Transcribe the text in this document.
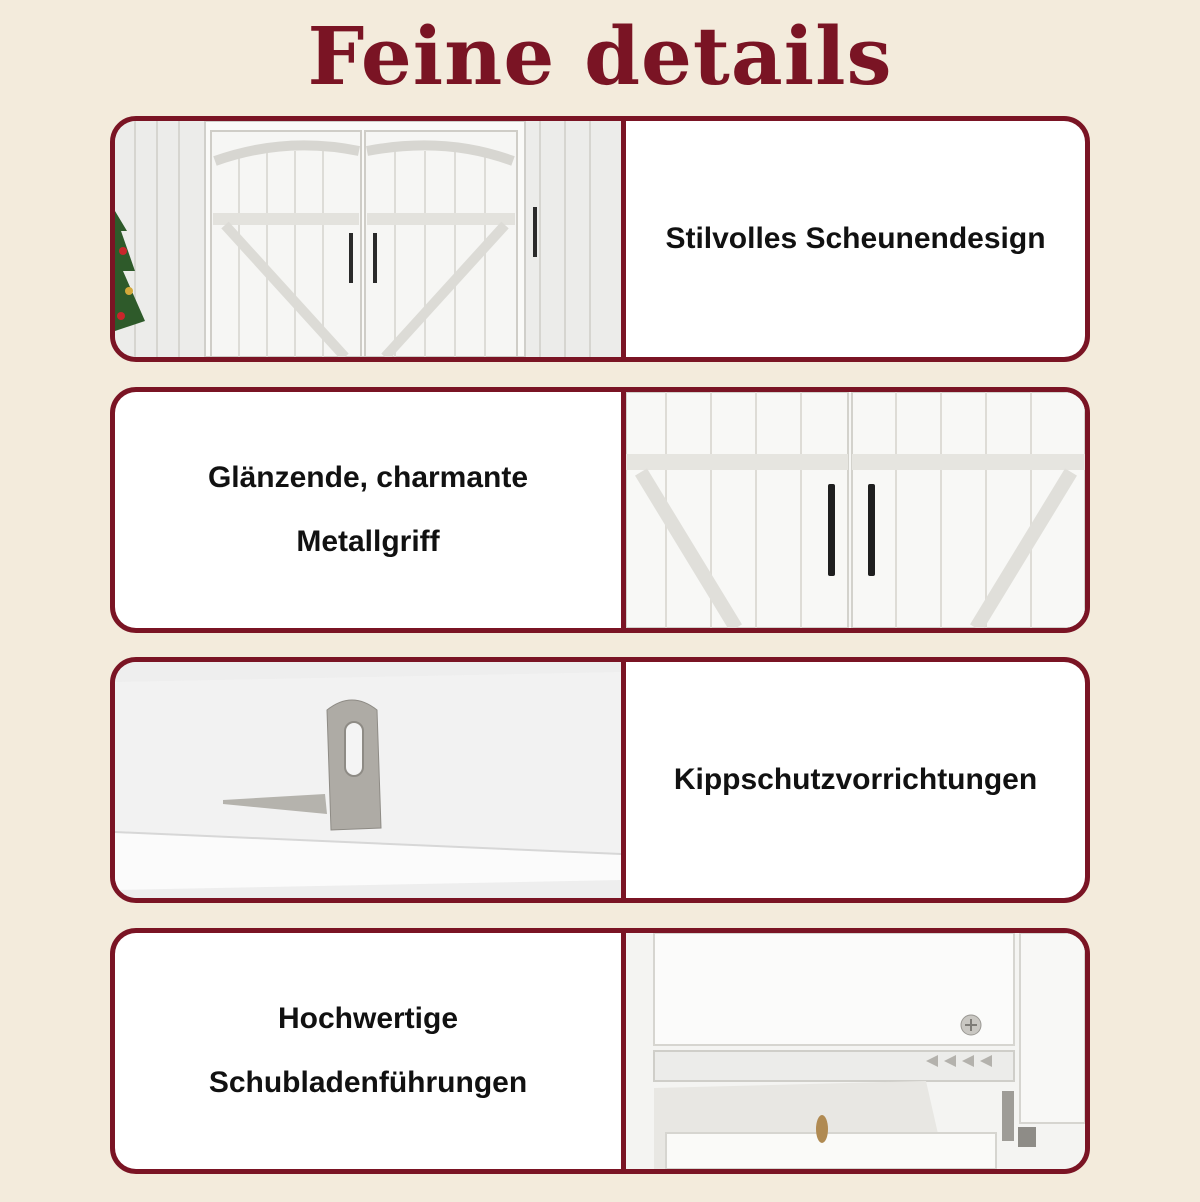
Feine details
Stilvolles Scheunendesign
Glänzende, charmante
Metallgriff
Kippschutzvorrichtungen
Hochwertige
Schubladenführungen
